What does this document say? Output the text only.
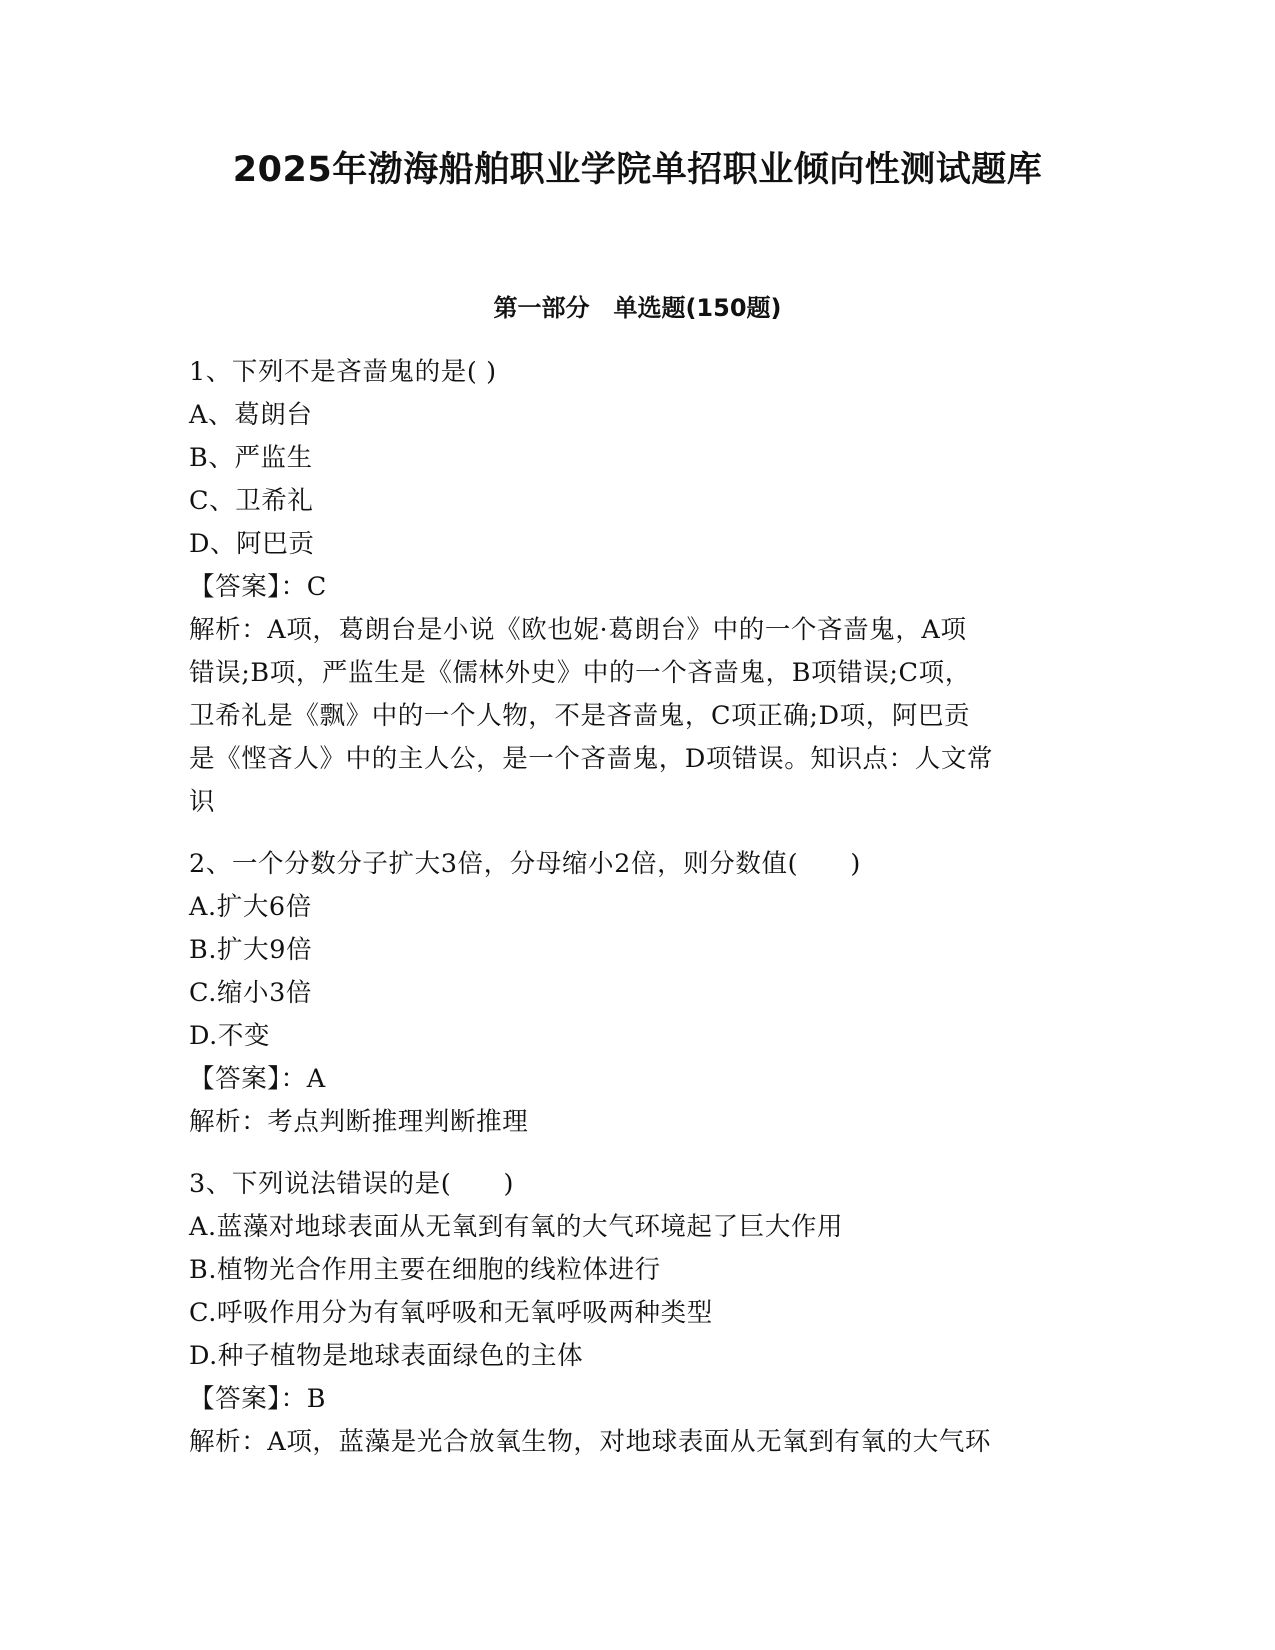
2025年渤海船舶职业学院单招职业倾向性测试题库
第一部分　单选题(150题)
1、下列不是吝啬鬼的是( )
A、葛朗台
B、严监生
C、卫希礼
D、阿巴贡
【答案】：C
解析：A项，葛朗台是小说《欧也妮·葛朗台》中的一个吝啬鬼，A项
错误;B项，严监生是《儒林外史》中的一个吝啬鬼，B项错误;C项，
卫希礼是《飘》中的一个人物，不是吝啬鬼，C项正确;D项，阿巴贡
是《悭吝人》中的主人公，是一个吝啬鬼，D项错误。知识点：人文常
识
2、一个分数分子扩大3倍，分母缩小2倍，则分数值(　　)
A.扩大6倍
B.扩大9倍
C.缩小3倍
D.不变
【答案】：A
解析：考点判断推理判断推理
3、下列说法错误的是(　　)
A.蓝藻对地球表面从无氧到有氧的大气环境起了巨大作用
B.植物光合作用主要在细胞的线粒体进行
C.呼吸作用分为有氧呼吸和无氧呼吸两种类型
D.种子植物是地球表面绿色的主体
【答案】：B
解析：A项，蓝藻是光合放氧生物，对地球表面从无氧到有氧的大气环
